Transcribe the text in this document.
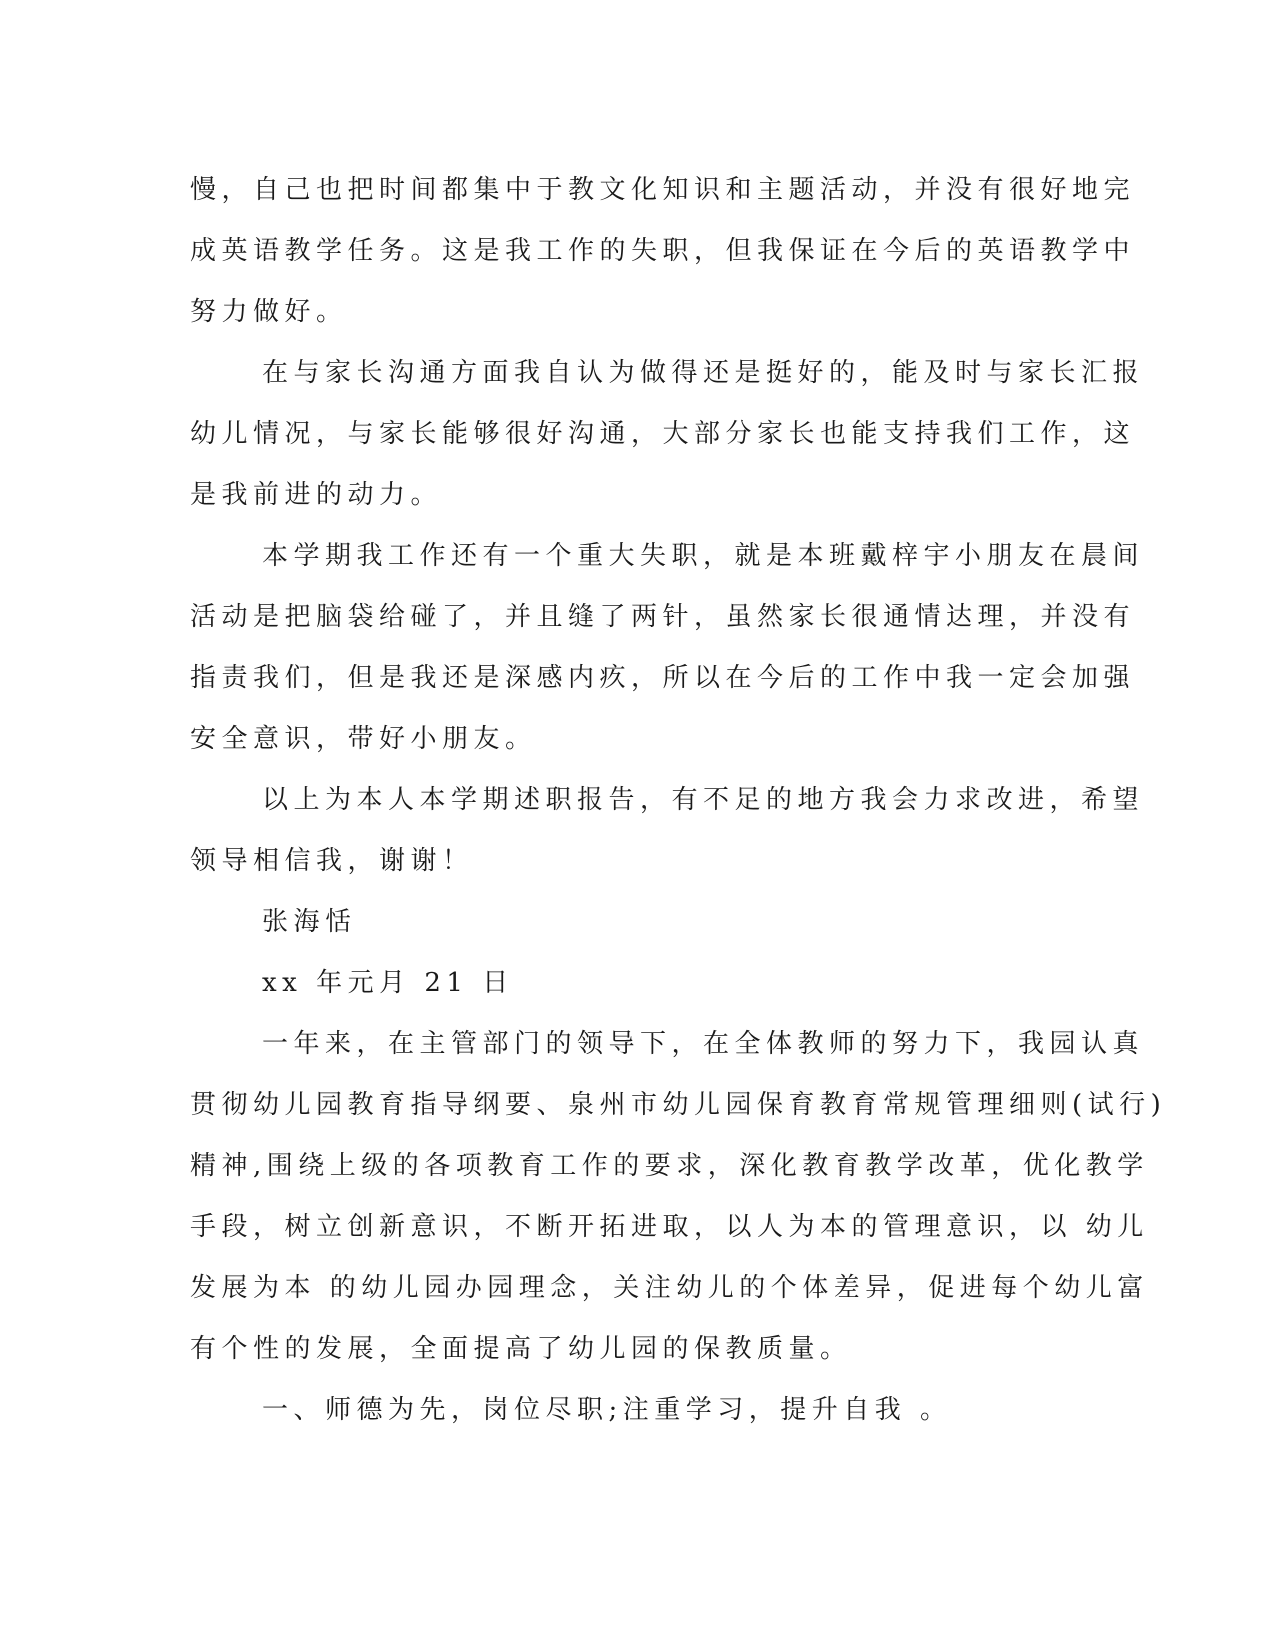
慢，自己也把时间都集中于教文化知识和主题活动，并没有很好地完
成英语教学任务。这是我工作的失职，但我保证在今后的英语教学中
努力做好。
在与家长沟通方面我自认为做得还是挺好的，能及时与家长汇报
幼儿情况，与家长能够很好沟通，大部分家长也能支持我们工作，这
是我前进的动力。
本学期我工作还有一个重大失职，就是本班戴梓宇小朋友在晨间
活动是把脑袋给碰了，并且缝了两针，虽然家长很通情达理，并没有
指责我们，但是我还是深感内疚，所以在今后的工作中我一定会加强
安全意识，带好小朋友。
以上为本人本学期述职报告，有不足的地方我会力求改进，希望
领导相信我，谢谢！
张海恬
xx 年元月 21 日
一年来，在主管部门的领导下，在全体教师的努力下，我园认真
贯彻幼儿园教育指导纲要、泉州市幼儿园保育教育常规管理细则(试行)
精神,围绕上级的各项教育工作的要求，深化教育教学改革，优化教学
手段，树立创新意识，不断开拓进取，以人为本的管理意识，以 幼儿
发展为本 的幼儿园办园理念，关注幼儿的个体差异，促进每个幼儿富
有个性的发展，全面提高了幼儿园的保教质量。
一、师德为先，岗位尽职;注重学习，提升自我 。
